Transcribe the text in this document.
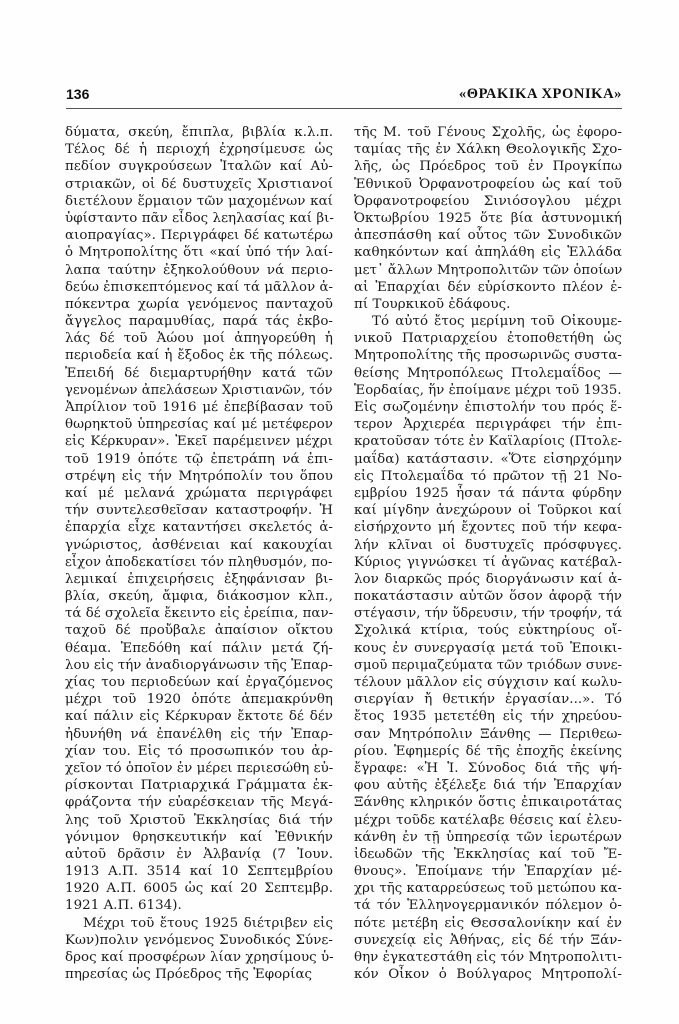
136	«ΘΡΑΚΙΚΑ ΧΡΟΝΙΚΑ»
δύματα, σκεύη, ἔπιπλα, βιβλία κ.λ.π.
Τέλος δέ ἡ περιοχή ἐχρησίμευσε ὡς
πεδίον συγκρούσεων Ἰταλῶν καί Αὐ-
στριακῶν, οἱ δέ δυστυχεῖς Χριστιανοί
διετέλουν ἕρμαιον τῶν μαχομένων καί
ὑφίσταντο πᾶν εἶδος λεηλασίας καί βι-
αιοπραγίας». Περιγράφει δέ κατωτέρω
ὁ Μητροπολίτης ὅτι «καί ὑπό τήν λαί-
λαπα ταύτην ἐξηκολούθουν νά περιο-
δεύω ἐπισκεπτόμενος καί τά μᾶλλον ἀ-
πόκεντρα χωρία γενόμενος πανταχοῦ
ἄγγελος παραμυθίας, παρά τάς ἐκβο-
λάς δέ τοῦ Ἀώου μοί ἀπηγορεύθη ἡ
περιοδεία καί ἡ ἔξοδος ἐκ τῆς πόλεως.
Ἐπειδή δέ διεμαρτυρήθην κατά τῶν
γενομένων ἀπελάσεων Χριστιανῶν, τόν
Ἀπρίλιον τοῦ 1916 μέ ἐπεβίβασαν τοῦ
θωρηκτοῦ ὑπηρεσίας καί μέ μετέφερον
εἰς Κέρκυραν». Ἐκεῖ παρέμεινεν μέχρι
τοῦ 1919 ὁπότε τῷ ἐπετράπη νά ἐπι-
στρέψη εἰς τήν Μητρόπολίν του ὅπου
καί μέ μελανά χρώματα περιγράφει
τήν συντελεσθεῖσαν καταστροφήν. Ἡ
ἐπαρχία εἶχε καταντήσει σκελετός ἀ-
γνώριστος, ἀσθένειαι καί κακουχίαι
εἶχον ἀποδεκατίσει τόν πληθυσμόν, πο-
λεμικαί ἐπιχειρήσεις ἐξηφάνισαν βι-
βλία, σκεύη, ἄμφια, διάκοσμον κλπ.,
τά δέ σχολεῖα ἔκειντο εἰς ἐρείπια, παν-
ταχοῦ δέ προὔβαλε ἀπαίσιον οἴκτου
θέαμα. Ἐπεδόθη καί πάλιν μετά ζή-
λου εἰς τήν ἀναδιοργάνωσιν τῆς Ἐπαρ-
χίας του περιοδεύων καί ἐργαζόμενος
μέχρι τοῦ 1920 ὁπότε ἀπεμακρύνθη
καί πάλιν εἰς Κέρκυραν ἔκτοτε δέ δέν
ἠδυνήθη νά ἐπανέλθη εἰς τήν Ἐπαρ-
χίαν του. Εἰς τό προσωπικόν του ἀρ-
χεῖον τό ὁποῖον ἐν μέρει περιεσώθη εὑ-
ρίσκονται Πατριαρχικά Γράμματα ἐκ-
φράζοντα τήν εὐαρέσκειαν τῆς Μεγά-
λης τοῦ Χριστοῦ Ἐκκλησίας διά τήν
γόνιμον θρησκευτικήν καί Ἐθνικήν
αὐτοῦ δρᾶσιν ἐν Ἀλβανίᾳ (7 Ἰουν.
1913 Α.Π. 3514 καί 10 Σεπτεμβρίου
1920 Α.Π. 6005 ὡς καί 20 Σεπτεμβρ.
1921 Α.Π. 6134).
Μέχρι τοῦ ἔτους 1925 διέτριβεν εἰς
Κων)πολιν γενόμενος Συνοδικός Σύνε-
δρος καί προσφέρων λίαν χρησίμους ὑ-
πηρεσίας ὡς Πρόεδρος τῆς Ἐφορίας
τῆς Μ. τοῦ Γένους Σχολῆς, ὡς ἐφορο-
ταμίας τῆς ἐν Χάλκη Θεολογικῆς Σχο-
λῆς, ὡς Πρόεδρος τοῦ ἐν Προγκίπω
Ἐθνικοῦ Ὀρφανοτροφείου ὡς καί τοῦ
Ὀρφανοτροφείου Σινιόσογλου μέχρι
Ὀκτωβρίου 1925 ὅτε βία ἀστυνομική
ἀπεσπάσθη καί οὗτος τῶν Συνοδικῶν
καθηκόντων καί ἀπηλάθη εἰς Ἑλλάδα
μετ᾿ ἄλλων Μητροπολιτῶν τῶν ὁποίων
αἱ Ἐπαρχίαι δέν εὑρίσκοντο πλέον ἐ-
πί Τουρκικοῦ ἐδάφους.
Τό αὐτό ἔτος μερίμνη τοῦ Οἰκουμε-
νικοῦ Πατριαρχείου ἐτοποθετήθη ὡς
Μητροπολίτης τῆς προσωρινῶς συστα-
θείσης Μητροπόλεως Πτολεμαΐδος —
Ἑορδαίας, ἥν ἐποίμανε μέχρι τοῦ 1935.
Εἰς σωζομένην ἐπιστολήν του πρός ἕ-
τερον Ἀρχιερέα περιγράφει τήν ἐπι-
κρατοῦσαν τότε ἐν Καϊλαρίοις (Πτολε-
μαΐδα) κατάστασιν. «Ὅτε εἰσηρχόμην
εἰς Πτολεμαΐδα τό πρῶτον τῇ 21 Νο-
εμβρίου 1925 ἦσαν τά πάντα φύρδην
καί μίγδην ἀνεχώρουν οἱ Τοῦρκοι καί
εἰσήρχοντο μή ἔχοντες ποῦ τήν κεφα-
λήν κλῖναι οἱ δυστυχεῖς πρόσφυγες.
Κύριος γιγνώσκει τί ἀγῶνας κατέβαλ-
λον διαρκῶς πρός διοργάνωσιν καί ἀ-
ποκατάστασιν αὐτῶν ὅσον ἀφορᾷ τήν
στέγασιν, τήν ὕδρευσιν, τήν τροφήν, τά
Σχολικά κτίρια, τούς εὐκτηρίους οἴ-
κους ἐν συνεργασίᾳ μετά τοῦ Ἐποικι-
σμοῦ περιμαζεύματα τῶν τριόδων συνε-
τέλουν μᾶλλον εἰς σύγχισιν καί κωλυ-
σιεργίαν ἤ θετικήν ἐργασίαν...». Τό
ἔτος 1935 μετετέθη εἰς τήν χηρεύου-
σαν Μητρόπολιν Ξάνθης — Περιθεω-
ρίου. Ἐφημερίς δέ τῆς ἐποχῆς ἐκείνης
ἔγραφε: «Ἡ Ἱ. Σύνοδος διά τῆς ψή-
φου αὐτῆς ἐξέλεξε διά τήν Ἐπαρχίαν
Ξάνθης κληρικόν ὅστις ἐπικαιροτάτας
μέχρι τοῦδε κατέλαβε θέσεις καί ἐλευ-
κάνθη ἐν τῇ ὑπηρεσίᾳ τῶν ἱερωτέρων
ἰδεωδῶν τῆς Ἐκκλησίας καί τοῦ Ἔ-
θνους». Ἐποίμανε τήν Ἐπαρχίαν μέ-
χρι τῆς καταρρεύσεως τοῦ μετώπου κα-
τά τόν Ἑλληνογερμανικόν πόλεμον ὁ-
πότε μετέβη εἰς Θεσσαλονίκην καί ἐν
συνεχείᾳ εἰς Ἀθήνας, εἰς δέ τήν Ξάν-
θην ἐγκατεστάθη εἰς τόν Μητροπολιτι-
κόν Οἶκον ὁ Βούλγαρος Μητροπολί-
